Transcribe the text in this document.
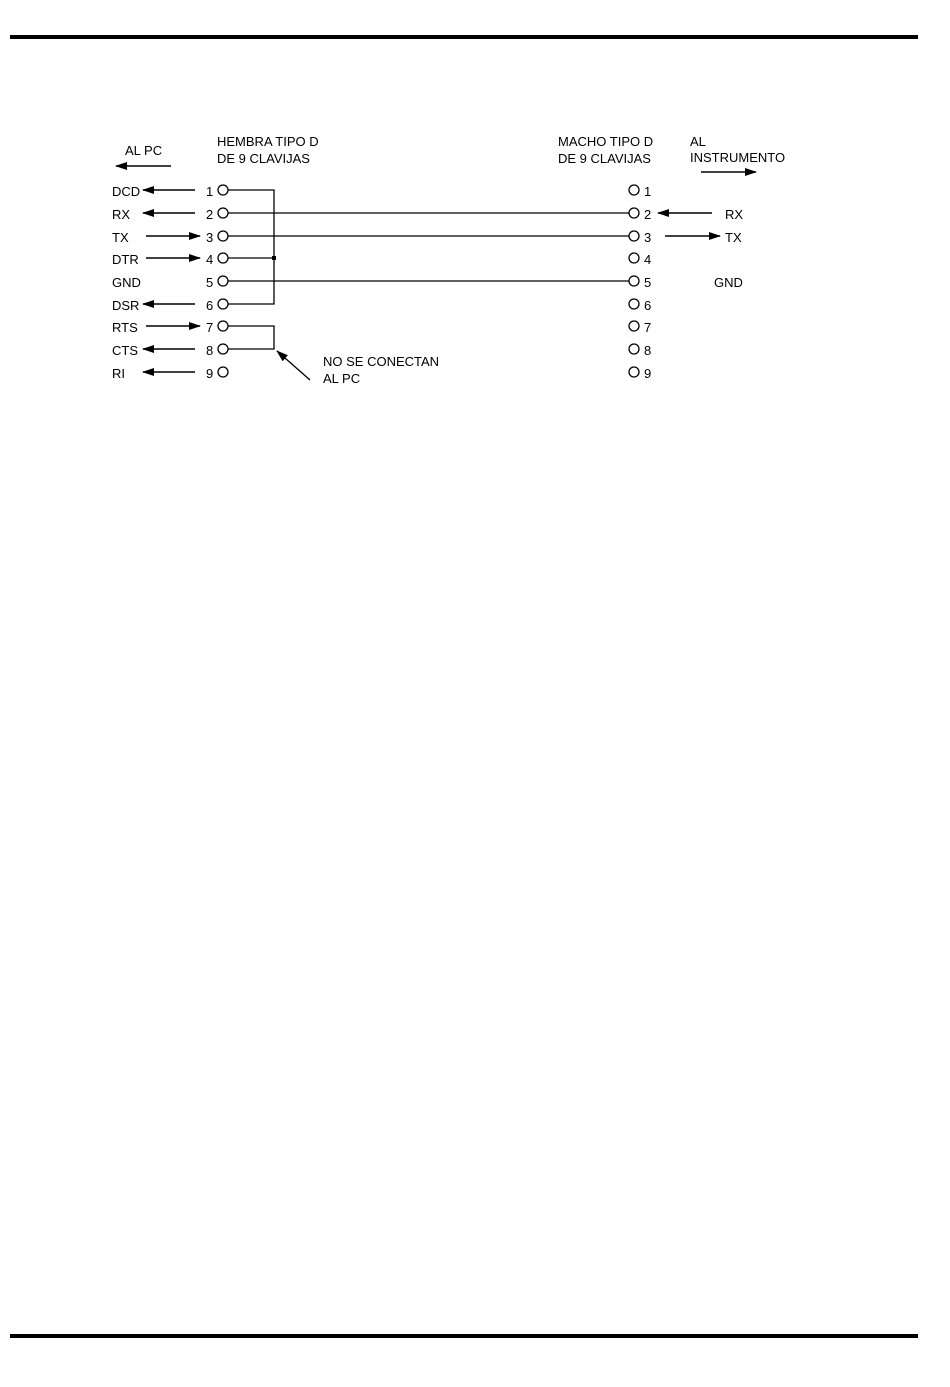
HEMBRA TIPO D
DE 9 CLAVIJAS
AL PC
MACHO TIPO D
DE 9 CLAVIJAS
AL
INSTRUMENTO
DCD
RX
TX
DTR
GND
DSR
RTS
CTS
RI
1
2
3
4
5
6
7
8
9
NO SE CONECTAN
AL PC
1
2
3
4
5
6
7
8
9
RX
TX
GND
